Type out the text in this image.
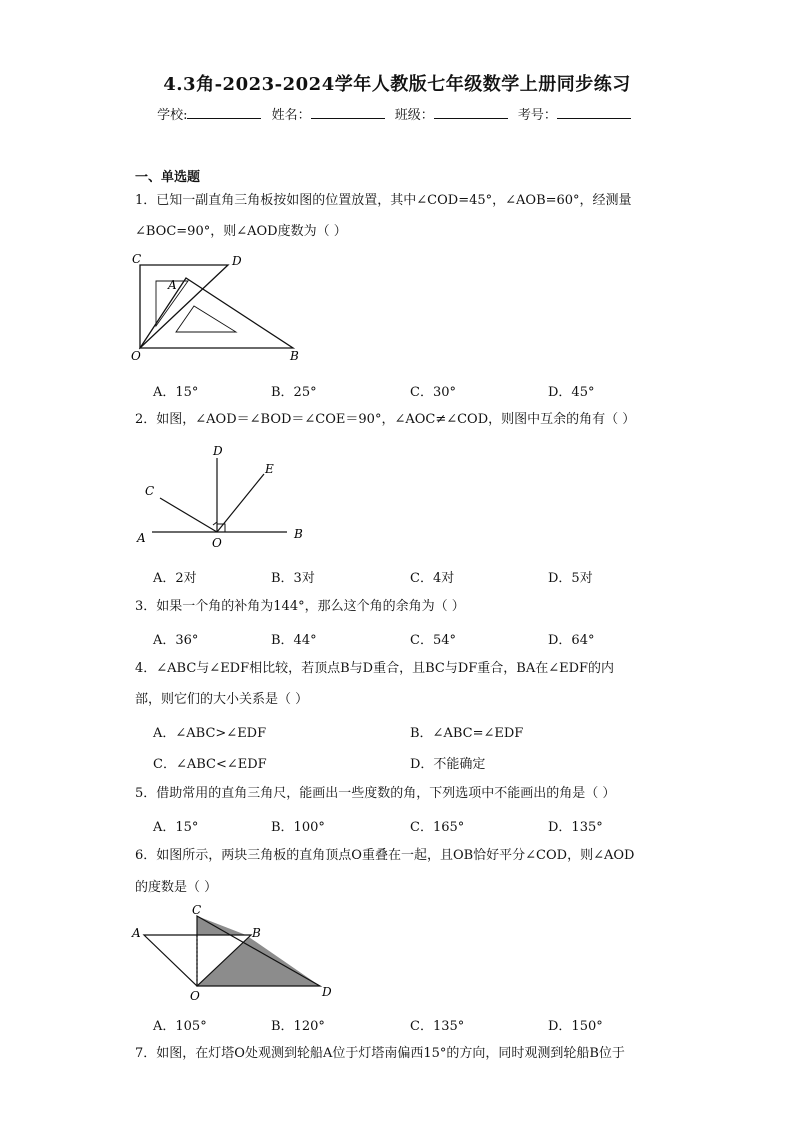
4.3角-2023-2024学年人教版七年级数学上册同步练习
学校:	姓名：	班级：	考号：
一、单选题
1．已知一副直角三角板按如图的位置放置，其中∠COD=45°，∠AOB=60°，经测量
∠BOC=90°，则∠AOD度数为（ ）
C	D
A
O	B
A．15°	B．25°	C．30°	D．45°
2．如图，∠AOD＝∠BOD＝∠COE＝90°，∠AOC≠∠COD，则图中互余的角有（ ）
D
E
C
A	O
B
A．2对	B．3对	C．4对	D．5对
3．如果一个角的补角为144°，那么这个角的余角为（ ）
A．36°	B．44°	C．54°	D．64°
4．∠ABC与∠EDF相比较，若顶点B与D重合，且BC与DF重合，BA在∠EDF的内
部，则它们的大小关系是（ ）
A．∠ABC>∠EDF	B．∠ABC=∠EDF
C．∠ABC<∠EDF	D．不能确定
5．借助常用的直角三角尺，能画出一些度数的角，下列选项中不能画出的角是（ ）
A．15°	B．100°	C．165°	D．135°
6．如图所示，两块三角板的直角顶点O重叠在一起，且OB恰好平分∠COD，则∠AOD
的度数是（ ）
C
A	B
O	D
A．105°	B．120°	C．135°	D．150°
7．如图，在灯塔O处观测到轮船A位于灯塔南偏西15°的方向，同时观测到轮船B位于
